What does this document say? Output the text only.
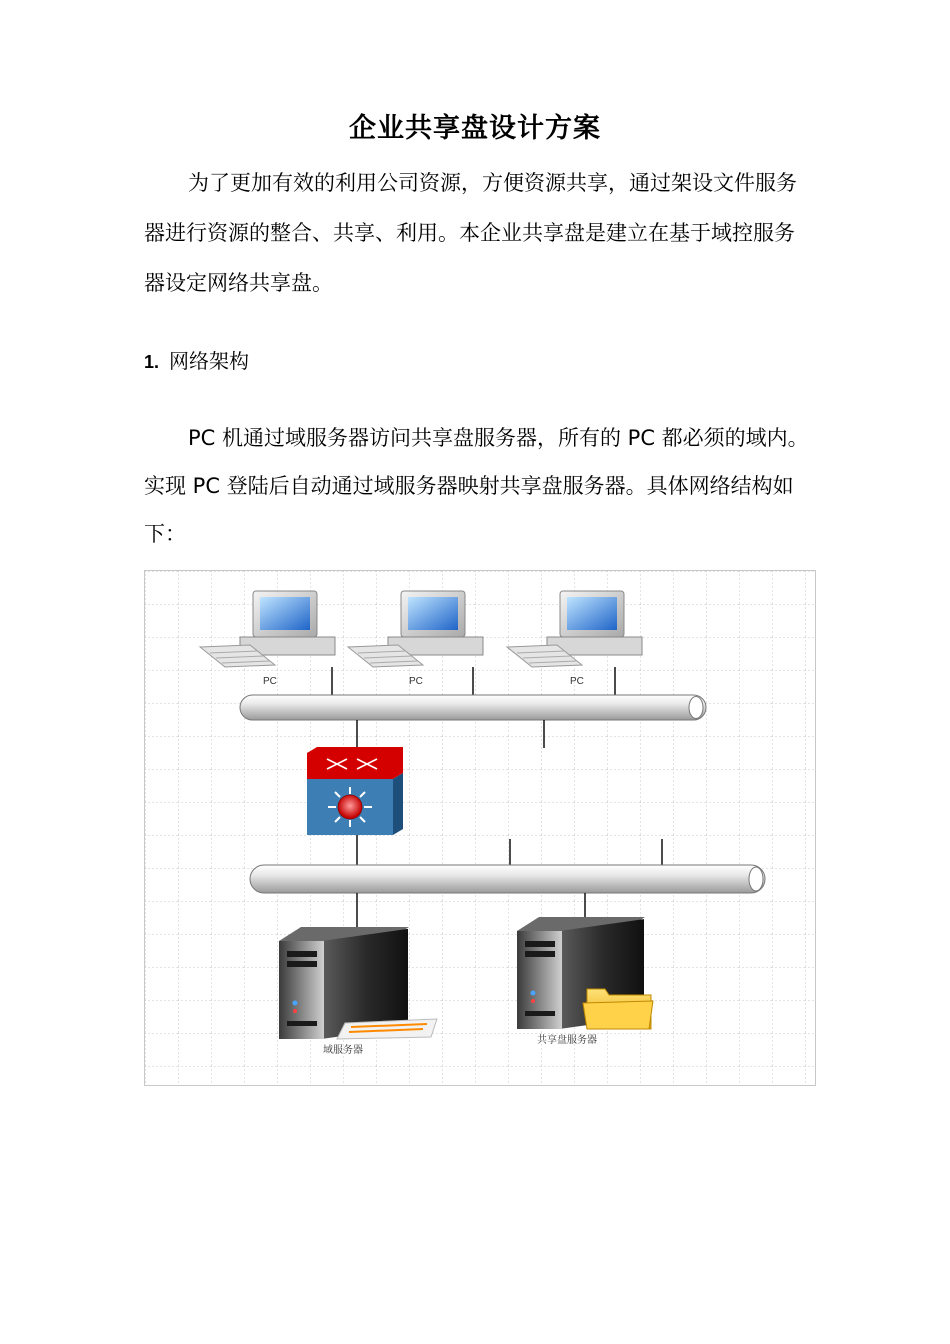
企业共享盘设计方案

为了更加有效的利用公司资源，方便资源共享，通过架设文件服务器进行资源的整合、共享、利用。本企业共享盘是建立在基于域控服务器设定网络共享盘。

1. 网络架构

PC 机通过域服务器访问共享盘服务器，所有的 PC 都必须的域内。实现 PC 登陆后自动通过域服务器映射共享盘服务器。具体网络结构如下：

PC	PC	PC
域服务器
共享盘服务器
